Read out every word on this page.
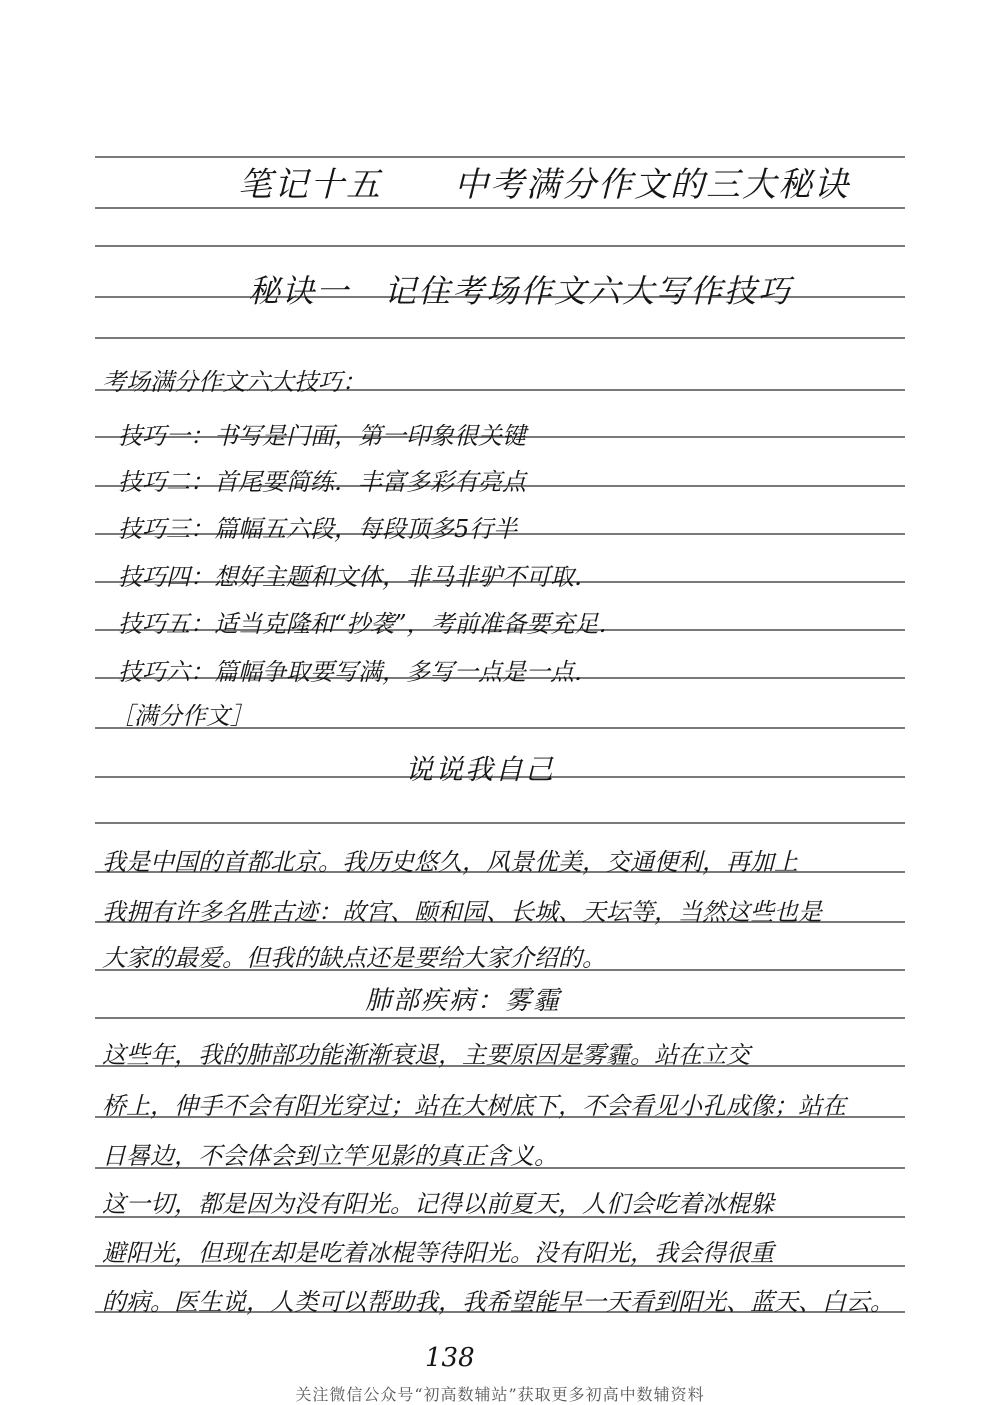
笔记十五　　中考满分作文的三大秘诀
秘诀一　记住考场作文六大写作技巧
考场满分作文六大技巧：
技巧一：书写是门面，第一印象很关键
技巧二：首尾要简练．丰富多彩有亮点
技巧三：篇幅五六段，每段顶多5行半
技巧四：想好主题和文体，非马非驴不可取．
技巧五：适当克隆和“抄袭”，考前准备要充足．
技巧六：篇幅争取要写满，多写一点是一点．
［满分作文］
说说我自己
我是中国的首都北京。我历史悠久，风景优美，交通便利，再加上
我拥有许多名胜古迹：故宫、颐和园、长城、天坛等，当然这些也是
大家的最爱。但我的缺点还是要给大家介绍的。
肺部疾病：雾霾
这些年，我的肺部功能渐渐衰退，主要原因是雾霾。站在立交
桥上，伸手不会有阳光穿过；站在大树底下，不会看见小孔成像；站在
日晷边，不会体会到立竿见影的真正含义。
这一切，都是因为没有阳光。记得以前夏天，人们会吃着冰棍躲
避阳光，但现在却是吃着冰棍等待阳光。没有阳光，我会得很重
的病。医生说，人类可以帮助我，我希望能早一天看到阳光、蓝天、白云。
138
关注微信公众号“初高数辅站”获取更多初高中数辅资料
